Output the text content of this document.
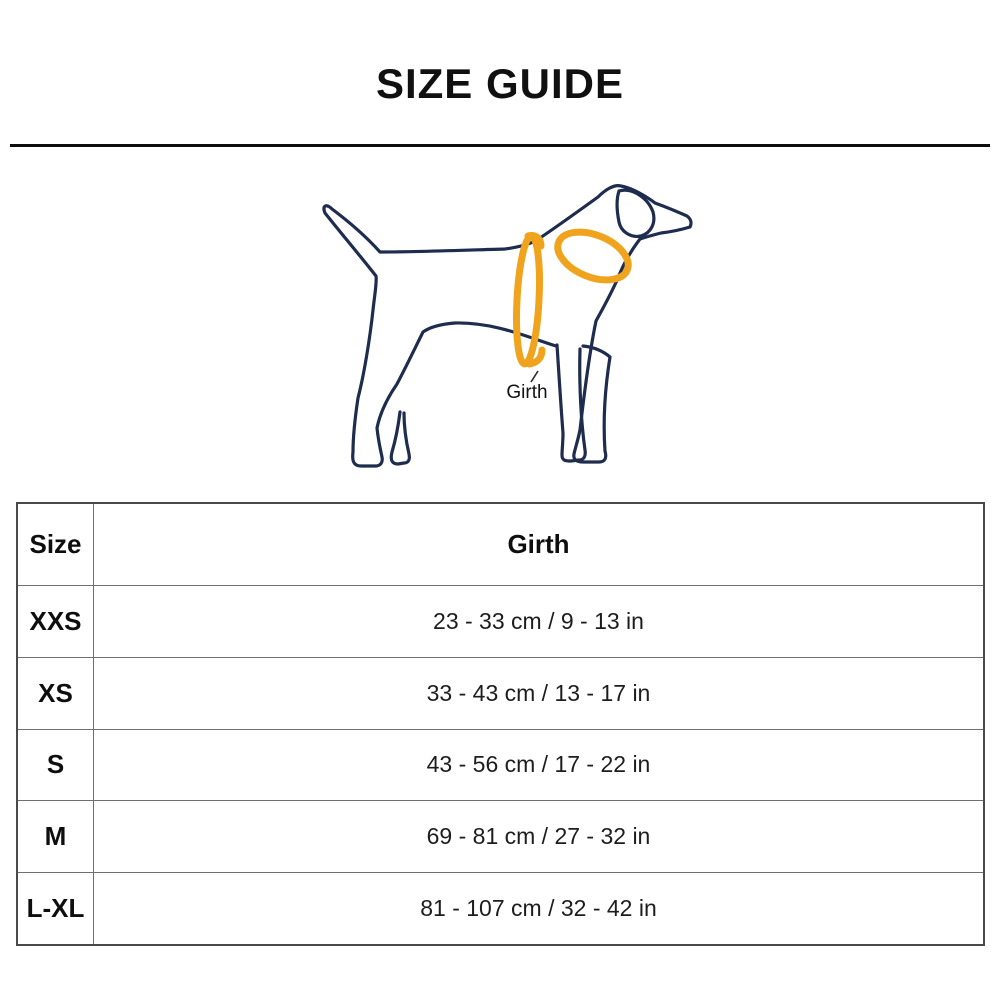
SIZE GUIDE
Girth
Size	Girth
XXS	23 - 33 cm / 9 - 13 in
XS	33 - 43 cm / 13 - 17 in
S	43 - 56 cm / 17 - 22 in
M	69 - 81 cm / 27 - 32 in
L-XL	81 - 107 cm / 32 - 42 in
